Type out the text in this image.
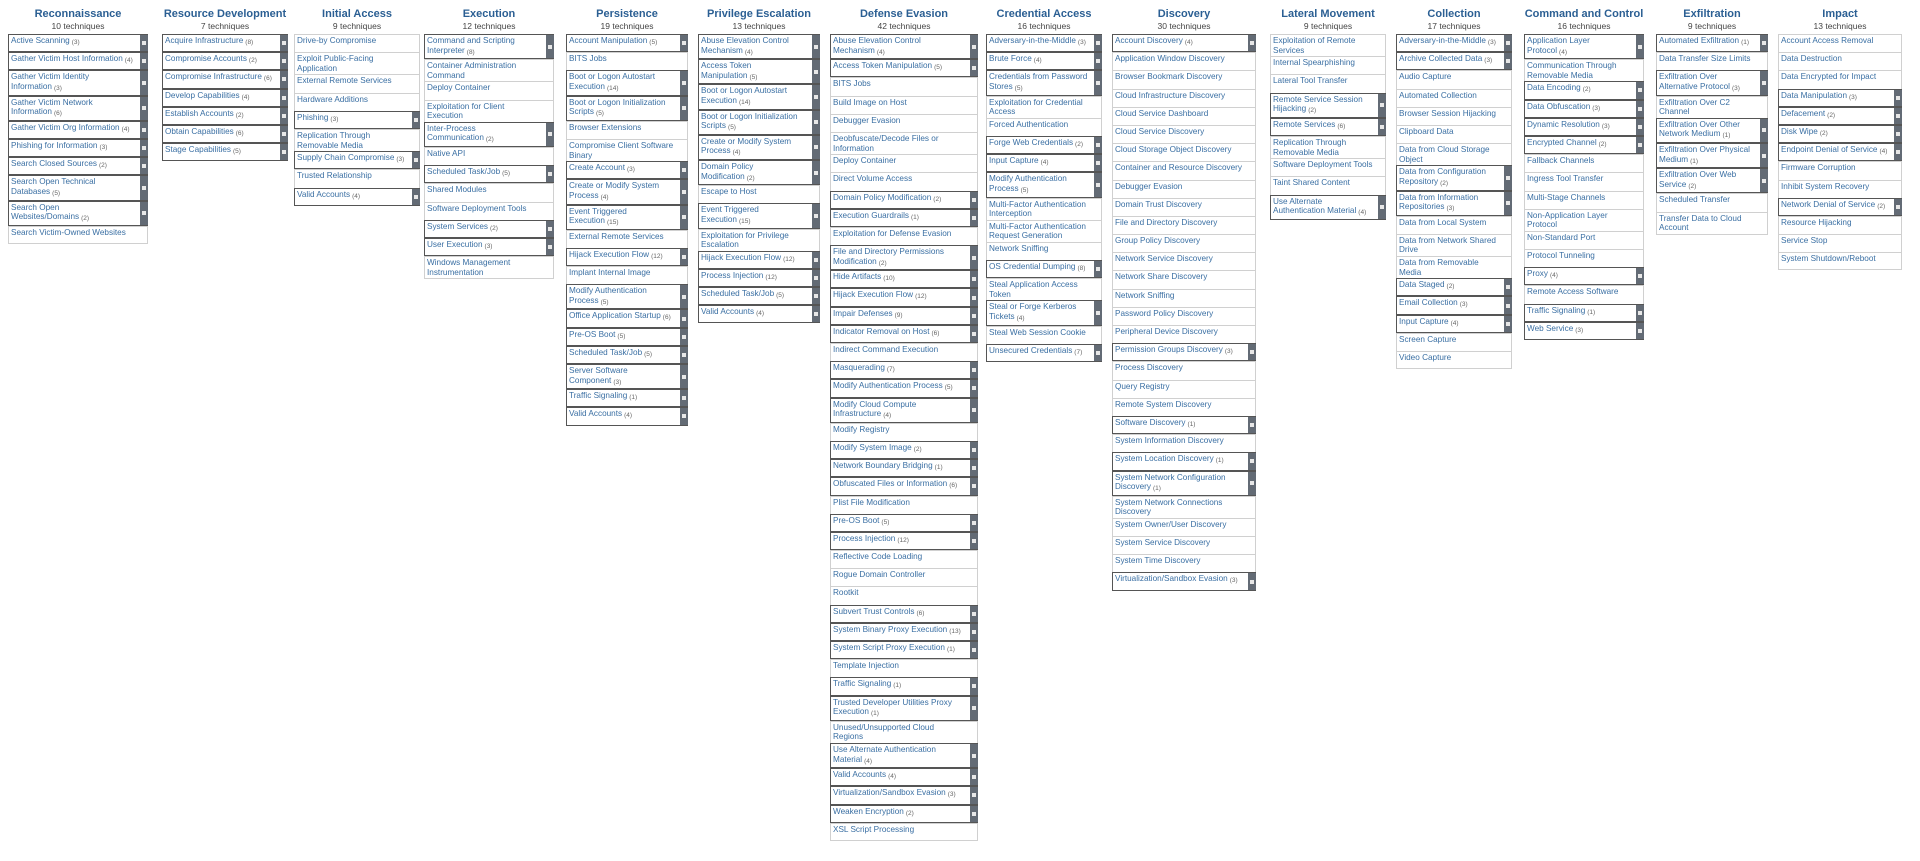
Reconnaissance
10 techniques
Active Scanning (3)
Gather Victim Host Information (4)
Gather Victim Identity Information (3)
Gather Victim Network Information (6)
Gather Victim Org Information (4)
Phishing for Information (3)
Search Closed Sources (2)
Search Open Technical Databases (5)
Search Open Websites/Domains (2)
Search Victim-Owned Websites
Resource Development
7 techniques
Acquire Infrastructure (8)
Compromise Accounts (2)
Compromise Infrastructure (6)
Develop Capabilities (4)
Establish Accounts (2)
Obtain Capabilities (6)
Stage Capabilities (5)
Initial Access
9 techniques
Drive-by Compromise
Exploit Public-Facing Application
External Remote Services
Hardware Additions
Phishing (3)
Replication Through Removable Media
Supply Chain Compromise (3)
Trusted Relationship
Valid Accounts (4)
Execution
12 techniques
Command and Scripting Interpreter (8)
Container Administration Command
Deploy Container
Exploitation for Client Execution
Inter-Process Communication (2)
Native API
Scheduled Task/Job (5)
Shared Modules
Software Deployment Tools
System Services (2)
User Execution (3)
Windows Management Instrumentation
Persistence
19 techniques
Account Manipulation (5)
BITS Jobs
Boot or Logon Autostart Execution (14)
Boot or Logon Initialization Scripts (5)
Browser Extensions
Compromise Client Software Binary
Create Account (3)
Create or Modify System Process (4)
Event Triggered Execution (15)
External Remote Services
Hijack Execution Flow (12)
Implant Internal Image
Modify Authentication Process (5)
Office Application Startup (6)
Pre-OS Boot (5)
Scheduled Task/Job (5)
Server Software Component (3)
Traffic Signaling (1)
Valid Accounts (4)
Privilege Escalation
13 techniques
Abuse Elevation Control Mechanism (4)
Access Token Manipulation (5)
Boot or Logon Autostart Execution (14)
Boot or Logon Initialization Scripts (5)
Create or Modify System Process (4)
Domain Policy Modification (2)
Escape to Host
Event Triggered Execution (15)
Exploitation for Privilege Escalation
Hijack Execution Flow (12)
Process Injection (12)
Scheduled Task/Job (5)
Valid Accounts (4)
Defense Evasion
42 techniques
Abuse Elevation Control Mechanism (4)
Access Token Manipulation (5)
BITS Jobs
Build Image on Host
Debugger Evasion
Deobfuscate/Decode Files or Information
Deploy Container
Direct Volume Access
Domain Policy Modification (2)
Execution Guardrails (1)
Exploitation for Defense Evasion
File and Directory Permissions Modification (2)
Hide Artifacts (10)
Hijack Execution Flow (12)
Impair Defenses (9)
Indicator Removal on Host (6)
Indirect Command Execution
Masquerading (7)
Modify Authentication Process (5)
Modify Cloud Compute Infrastructure (4)
Modify Registry
Modify System Image (2)
Network Boundary Bridging (1)
Obfuscated Files or Information (6)
Plist File Modification
Pre-OS Boot (5)
Process Injection (12)
Reflective Code Loading
Rogue Domain Controller
Rootkit
Subvert Trust Controls (6)
System Binary Proxy Execution (13)
System Script Proxy Execution (1)
Template Injection
Traffic Signaling (1)
Trusted Developer Utilities Proxy Execution (1)
Unused/Unsupported Cloud Regions
Use Alternate Authentication Material (4)
Valid Accounts (4)
Virtualization/Sandbox Evasion (3)
Weaken Encryption (2)
XSL Script Processing
Credential Access
16 techniques
Adversary-in-the-Middle (3)
Brute Force (4)
Credentials from Password Stores (5)
Exploitation for Credential Access
Forced Authentication
Forge Web Credentials (2)
Input Capture (4)
Modify Authentication Process (5)
Multi-Factor Authentication Interception
Multi-Factor Authentication Request Generation
Network Sniffing
OS Credential Dumping (8)
Steal Application Access Token
Steal or Forge Kerberos Tickets (4)
Steal Web Session Cookie
Unsecured Credentials (7)
Discovery
30 techniques
Account Discovery (4)
Application Window Discovery
Browser Bookmark Discovery
Cloud Infrastructure Discovery
Cloud Service Dashboard
Cloud Service Discovery
Cloud Storage Object Discovery
Container and Resource Discovery
Debugger Evasion
Domain Trust Discovery
File and Directory Discovery
Group Policy Discovery
Network Service Discovery
Network Share Discovery
Network Sniffing
Password Policy Discovery
Peripheral Device Discovery
Permission Groups Discovery (3)
Process Discovery
Query Registry
Remote System Discovery
Software Discovery (1)
System Information Discovery
System Location Discovery (1)
System Network Configuration Discovery (1)
System Network Connections Discovery
System Owner/User Discovery
System Service Discovery
System Time Discovery
Virtualization/Sandbox Evasion (3)
Lateral Movement
9 techniques
Exploitation of Remote Services
Internal Spearphishing
Lateral Tool Transfer
Remote Service Session Hijacking (2)
Remote Services (6)
Replication Through Removable Media
Software Deployment Tools
Taint Shared Content
Use Alternate Authentication Material (4)
Collection
17 techniques
Adversary-in-the-Middle (3)
Archive Collected Data (3)
Audio Capture
Automated Collection
Browser Session Hijacking
Clipboard Data
Data from Cloud Storage Object
Data from Configuration Repository (2)
Data from Information Repositories (3)
Data from Local System
Data from Network Shared Drive
Data from Removable Media
Data Staged (2)
Email Collection (3)
Input Capture (4)
Screen Capture
Video Capture
Command and Control
16 techniques
Application Layer Protocol (4)
Communication Through Removable Media
Data Encoding (2)
Data Obfuscation (3)
Dynamic Resolution (3)
Encrypted Channel (2)
Fallback Channels
Ingress Tool Transfer
Multi-Stage Channels
Non-Application Layer Protocol
Non-Standard Port
Protocol Tunneling
Proxy (4)
Remote Access Software
Traffic Signaling (1)
Web Service (3)
Exfiltration
9 techniques
Automated Exfiltration (1)
Data Transfer Size Limits
Exfiltration Over Alternative Protocol (3)
Exfiltration Over C2 Channel
Exfiltration Over Other Network Medium (1)
Exfiltration Over Physical Medium (1)
Exfiltration Over Web Service (2)
Scheduled Transfer
Transfer Data to Cloud Account
Impact
13 techniques
Account Access Removal
Data Destruction
Data Encrypted for Impact
Data Manipulation (3)
Defacement (2)
Disk Wipe (2)
Endpoint Denial of Service (4)
Firmware Corruption
Inhibit System Recovery
Network Denial of Service (2)
Resource Hijacking
Service Stop
System Shutdown/Reboot
